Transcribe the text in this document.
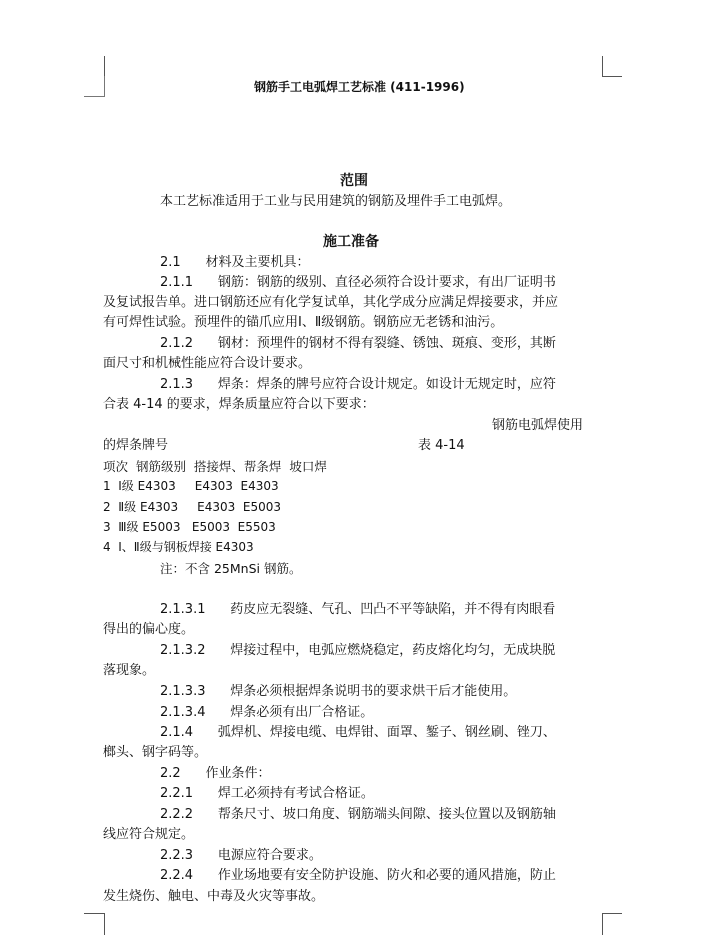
钢筋手工电弧焊工艺标准 (411-1996)
范围
本工艺标准适用于工业与民用建筑的钢筋及埋件手工电弧焊。
施工准备
2.1      材料及主要机具：
2.1.1      钢筋：钢筋的级别、直径必须符合设计要求，有出厂证明书
及复试报告单。进口钢筋还应有化学复试单，其化学成分应满足焊接要求，并应
有可焊性试验。预埋件的锚爪应用Ⅰ、Ⅱ级钢筋。钢筋应无老锈和油污。
2.1.2      钢材：预埋件的钢材不得有裂缝、锈蚀、斑痕、变形，其断
面尺寸和机械性能应符合设计要求。
2.1.3      焊条：焊条的牌号应符合设计规定。如设计无规定时，应符
合表 4-14 的要求，焊条质量应符合以下要求：
钢筋电弧焊使用
的焊条牌号	表 4-14
项次  钢筋级别  搭接焊、帮条焊  坡口焊
1  Ⅰ级 E4303     E4303  E4303
2  Ⅱ级 E4303     E4303  E5003
3  Ⅲ级 E5003   E5003  E5503
4  Ⅰ、Ⅱ级与钢板焊接 E4303
注：不含 25MnSi 钢筋。
2.1.3.1      药皮应无裂缝、气孔、凹凸不平等缺陷，并不得有肉眼看
得出的偏心度。
2.1.3.2      焊接过程中，电弧应燃烧稳定，药皮熔化均匀，无成块脱
落现象。
2.1.3.3      焊条必须根据焊条说明书的要求烘干后才能使用。
2.1.3.4      焊条必须有出厂合格证。
2.1.4      弧焊机、焊接电缆、电焊钳、面罩、錾子、钢丝刷、锉刀、
榔头、钢字码等。
2.2      作业条件：
2.2.1      焊工必须持有考试合格证。
2.2.2      帮条尺寸、坡口角度、钢筋端头间隙、接头位置以及钢筋轴
线应符合规定。
2.2.3      电源应符合要求。
2.2.4      作业场地要有安全防护设施、防火和必要的通风措施，防止
发生烧伤、触电、中毒及火灾等事故。
